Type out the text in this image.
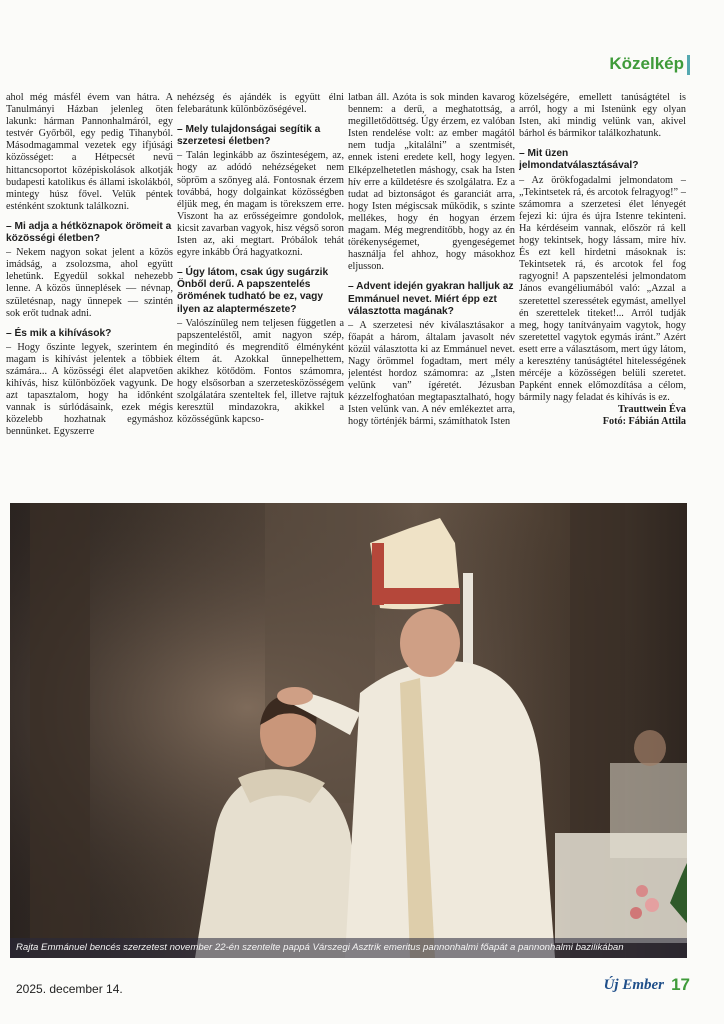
Közelkép

ahol még másfél évem van hátra. A Tanulmányi Házban jelenleg öten lakunk: hárman Pannonhalmáról, egy testvér Győrből, egy pedig Tihanyból. Másodmagammal vezetek egy ifjúsági közösséget: a Hétpecsét nevű hittancsoportot középiskolások alkotják budapesti katolikus és állami iskolákból, mintegy húsz fővel. Velük péntek esténként szoktunk találkozni.

– Mi adja a hétköznapok örömeit a közösségi életben?

– Nekem nagyon sokat jelent a közös imádság, a zsolozsma, ahol együtt lehetünk. Egyedül sokkal nehezebb lenne. A közös ünneplések — névnap, születésnap, nagy ünnepek — szintén sok erőt tudnak adni.

– És mik a kihívások?

– Hogy őszinte legyek, szerintem én magam is kihívást jelentek a többiek számára... A közösségi élet alapvetően kihívás, hisz különbözőek vagyunk. De azt tapasztalom, hogy ha időnként vannak is súrlódásaink, ezek mégis közelebb hozhatnak egymáshoz bennünket. Egyszerre

nehézség és ajándék is együtt élni felebarátunk különbözőségével.

– Mely tulajdonságai segítik a szerzetesi életben?

– Talán leginkább az őszinteségem, az, hogy az adódó nehézségeket nem söpröm a szőnyeg alá. Fontosnak érzem továbbá, hogy dolgainkat közösségben éljük meg, én magam is törekszem erre. Viszont ha az erősségeimre gondolok, kicsit zavarban vagyok, hisz végső soron Isten az, aki megtart. Próbálok tehát egyre inkább Órá hagyatkozni.

– Úgy látom, csak úgy sugárzik Önből derű. A papszentelés örömének tudható be ez, vagy ilyen az alaptermészete?

– Valószínűleg nem teljesen független a papszenteléstől, amit nagyon szép, megindító és megrendítő élményként éltem át. Azokkal ünnepelhettem, akikhez kötődöm. Fontos számomra, hogy elsősorban a szerzetesközösségem szolgálatára szenteltek fel, illetve rajtuk keresztül mindazokra, akikkel a közösségünk kapcso-

latban áll. Azóta is sok minden kavarog bennem: a derű, a meghatottság, a megilletődöttség. Úgy érzem, ez valóban Isten rendelése volt: az ember magától nem tudja „kitalálni” a szentmisét, ennek isteni eredete kell, hogy legyen. Elképzelhetetlen máshogy, csak ha Isten hív erre a küldetésre és szolgálatra. Ez a tudat ad biztonságot és garanciát arra, hogy Isten mégiscsak működik, s szinte mellékes, hogy én hogyan érzem magam. Még megrendítőbb, hogy az én törékenységemet, gyengeségemet használja fel ahhoz, hogy másokhoz eljusson.

– Advent idején gyakran halljuk az Emmánuel nevet. Miért épp ezt választotta magának?

– A szerzetesi név kiválasztásakor a főapát a három, általam javasolt név közül választotta ki az Emmánuel nevet. Nagy örömmel fogadtam, mert mély jelentést hordoz számomra: az „Isten velünk van” ígéretét. Jézusban kézzelfoghatóan megtapasztalható, hogy Isten velünk van. A név emlékeztet arra, hogy történjék bármi, számíthatok Isten

közelségére, emellett tanúságtétel is arról, hogy a mi Istenünk egy olyan Isten, aki mindig velünk van, akivel bárhol és bármikor találkozhatunk.

– Mit üzen jelmondatválasztásával?

– Az örökfogadalmi jelmondatom – „Tekintsetek rá, és arcotok felragyog!” – számomra a szerzetesi élet lényegét fejezi ki: újra és újra Istenre tekinteni. Ha kérdéseim vannak, először rá kell hogy tekintsek, hogy lássam, mire hív. És ezt kell hirdetni másoknak is: Tekintsetek rá, és arcotok fel fog ragyogni! A papszentelési jelmondatom János evangéliumából való: „Azzal a szeretettel szeressétek egymást, amellyel én szerettelek titeket!... Arról tudják meg, hogy tanítványaim vagytok, hogy szeretettel vagytok egymás iránt.” Azért esett erre a választásom, mert úgy látom, a keresztény tanúságtétel hitelességének mércéje a közösségen belüli szeretet. Papként ennek előmozdítása a célom, bármily nagy feladat és kihívás is ez.

Trauttwein Éva

Fotó: Fábián Attila

Rajta Emmánuel bencés szerzetest november 22-én szentelte pappá Várszegi Asztrik emeritus pannonhalmi főapát a pannonhalmi bazilikában
2025. december 14.	Új Ember 17
